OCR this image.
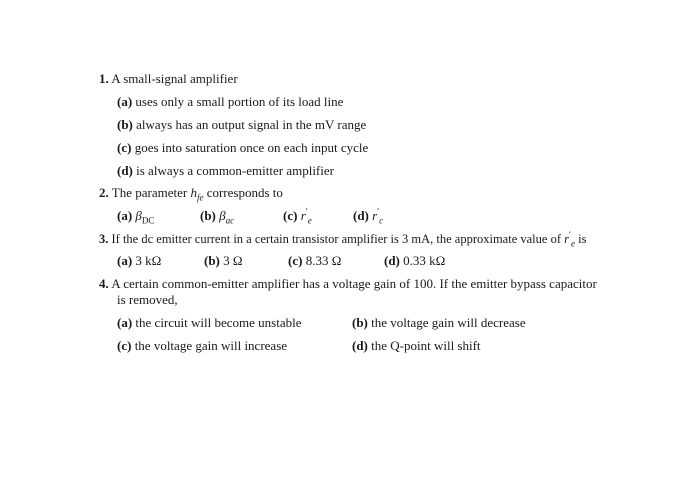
1. A small-signal amplifier
(a) uses only a small portion of its load line
(b) always has an output signal in the mV range
(c) goes into saturation once on each input cycle
(d) is always a common-emitter amplifier
2. The parameter $h_{fe}$ corresponds to
(a) $\beta_{DC}$	(b) $\beta_{ac}$	(c) $r'_e$	(d) $r'_c$
3. If the dc emitter current in a certain transistor amplifier is 3 mA, the approximate value of $r'_e$ is
(a) 3 kΩ	(b) 3 Ω	(c) 8.33 Ω	(d) 0.33 kΩ
4. A certain common-emitter amplifier has a voltage gain of 100. If the emitter bypass capacitor
is removed,
(a) the circuit will become unstable	(b) the voltage gain will decrease
(c) the voltage gain will increase	(d) the Q-point will shift
